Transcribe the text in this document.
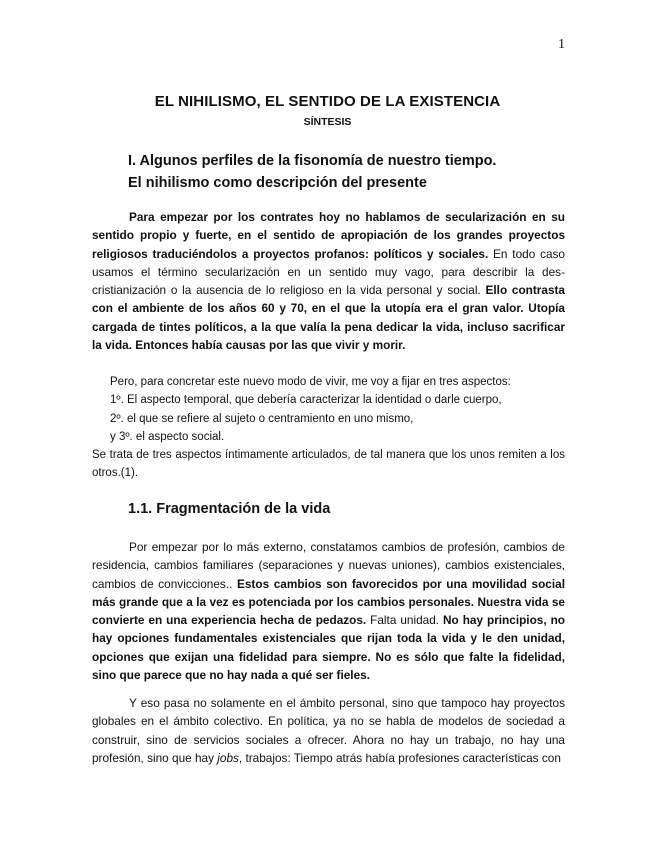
1
EL NIHILISMO, EL SENTIDO DE LA EXISTENCIA
SÍNTESIS
I. Algunos perfiles de la fisonomía de nuestro tiempo.
El nihilismo como descripción del presente

Para empezar por los contrates hoy no hablamos de secularización en su sentido propio y fuerte, en el sentido de apropiación de los grandes proyectos religiosos traduciéndolos a proyectos profanos: políticos y sociales. En todo caso usamos el término secularización en un sentido muy vago, para describir la des-cristianización o la ausencia de lo religioso en la vida personal y social. Ello contrasta con el ambiente de los años 60 y 70, en el que la utopía era el gran valor. Utopía cargada de tintes políticos, a la que valía la pena dedicar la vida, incluso sacrificar la vida. Entonces había causas por las que vivir y morir.

Pero, para concretar este nuevo modo de vivir, me voy a fijar en tres aspectos:
1º. El aspecto temporal, que debería caracterizar la identidad o darle cuerpo,
2º. el que se refiere al sujeto o centramiento en uno mismo,
y 3º. el aspecto social.
Se trata de tres aspectos íntimamente articulados, de tal manera que los unos remiten a los otros.(1).
1.1. Fragmentación de la vida

Por empezar por lo más externo, constatamos cambios de profesión, cambios de residencia, cambios familiares (separaciones y nuevas uniones), cambios existenciales, cambios de convicciones.. Estos cambios son favorecidos por una movilidad social más grande que a la vez es potenciada por los cambios personales. Nuestra vida se convierte en una experiencia hecha de pedazos. Falta unidad. No hay principios, no hay opciones fundamentales existenciales que rijan toda la vida y le den unidad, opciones que exijan una fidelidad para siempre. No es sólo que falte la fidelidad, sino que parece que no hay nada a qué ser fieles.

Y eso pasa no solamente en el ámbito personal, sino que tampoco hay proyectos globales en el ámbito colectivo. En política, ya no se habla de modelos de sociedad a construir, sino de servicios sociales a ofrecer. Ahora no hay un trabajo, no hay una profesión, sino que hay jobs, trabajos: Tiempo atrás había profesiones características con
